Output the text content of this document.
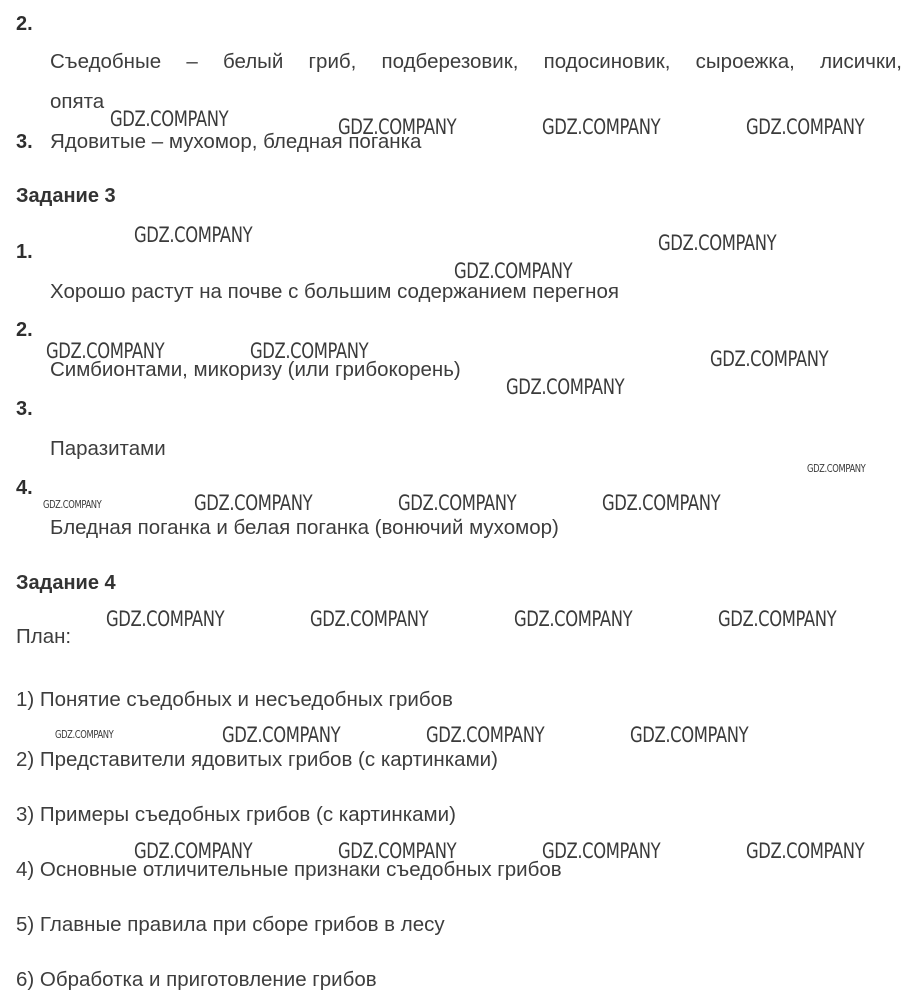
2.
Съедобные – белый гриб, подберезовик, подосиновик, сыроежка, лисички,
опята
3. Ядовитые – мухомор, бледная поганка
Задание 3
1.
Хорошо растут на почве с большим содержанием перегноя
2.
Симбионтами, микоризу (или грибокорень)
3.
Паразитами
4.
Бледная поганка и белая поганка (вонючий мухомор)
Задание 4
План:
1) Понятие съедобных и несъедобных грибов
2) Представители ядовитых грибов (с картинками)
3) Примеры съедобных грибов (с картинками)
4) Основные отличительные признаки съедобных грибов
5) Главные правила при сборе грибов в лесу
6) Обработка и приготовление грибов
GDZ.COMPANY	GDZ.COMPANY	GDZ.COMPANY	GDZ.COMPANY
GDZ.COMPANY	GDZ.COMPANY
GDZ.COMPANY
GDZ.COMPANY	GDZ.COMPANY	GDZ.COMPANY
GDZ.COMPANY
GDZ.COMPANY
GDZ.COMPANY	GDZ.COMPANY	GDZ.COMPANY	GDZ.COMPANY
GDZ.COMPANY	GDZ.COMPANY	GDZ.COMPANY	GDZ.COMPANY
GDZ.COMPANY	GDZ.COMPANY	GDZ.COMPANY	GDZ.COMPANY
GDZ.COMPANY	GDZ.COMPANY	GDZ.COMPANY	GDZ.COMPANY
